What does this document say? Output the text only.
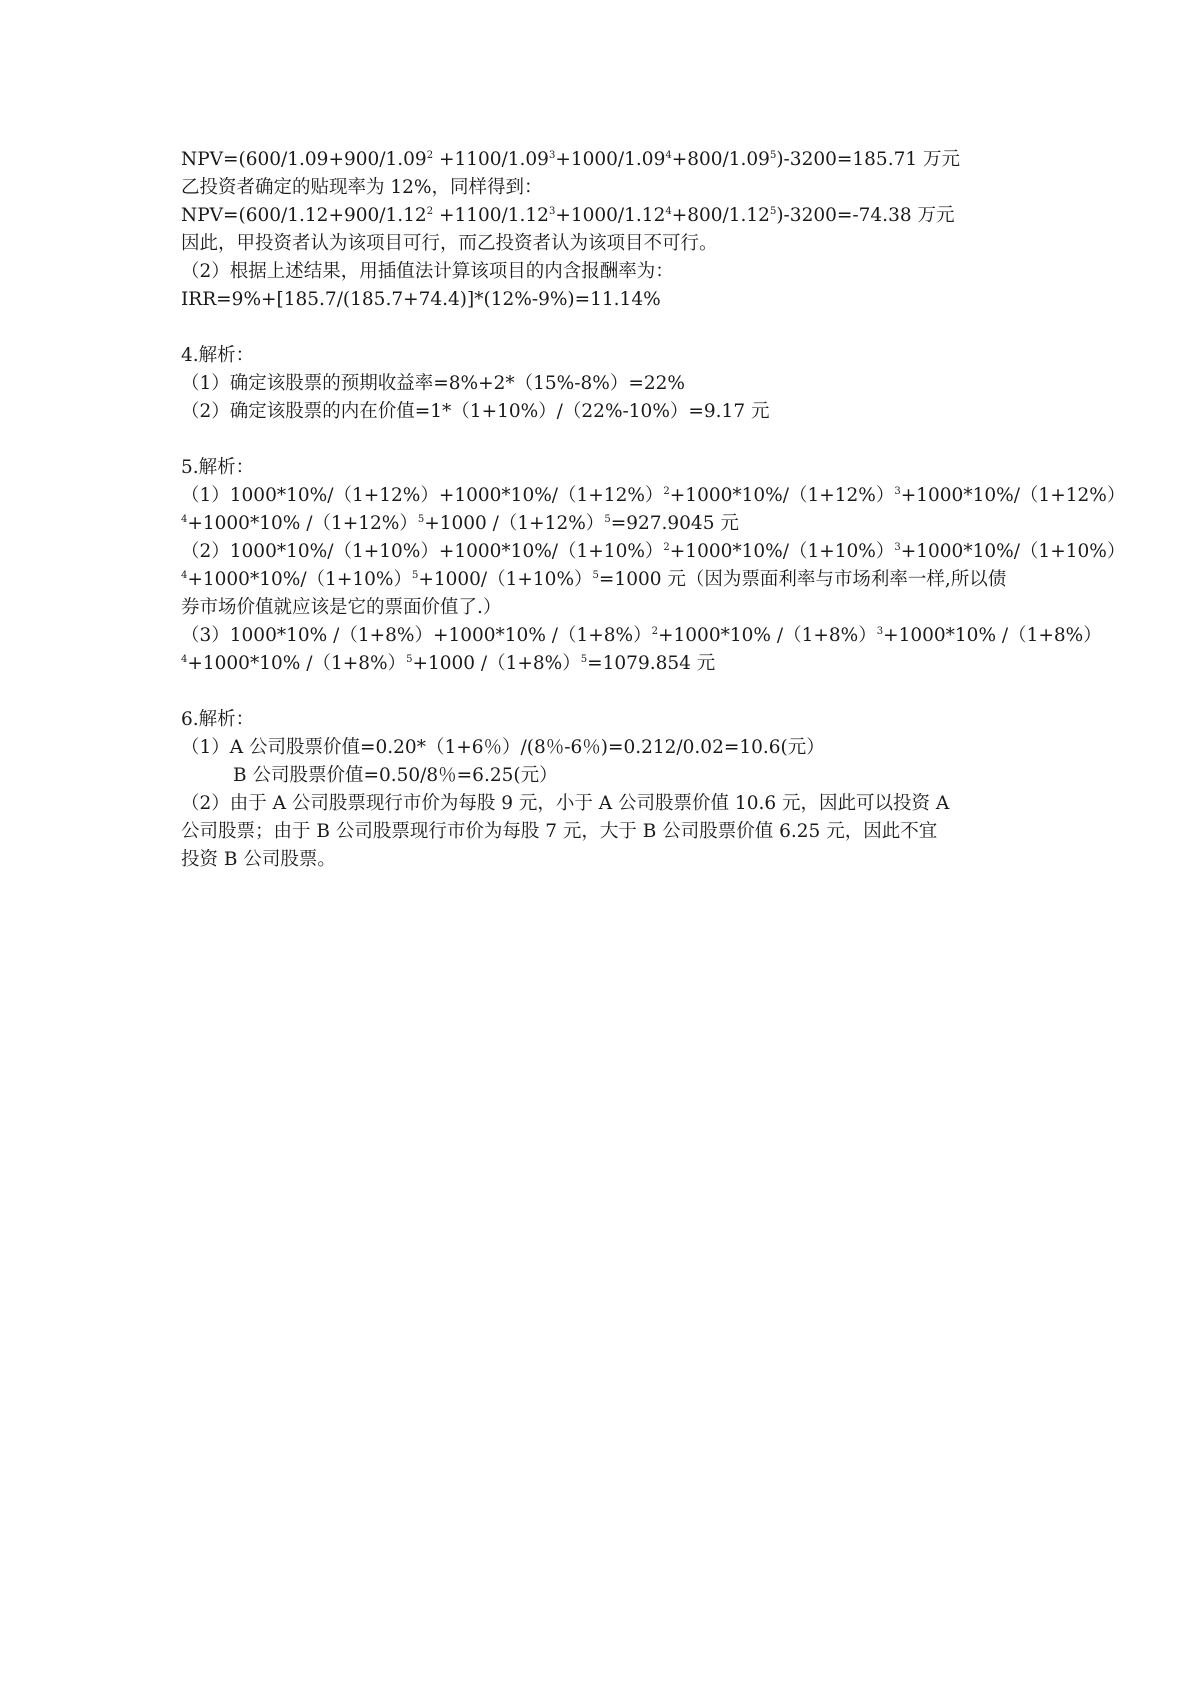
$NPV=(600/1.09+900/1.09^2 +1100/1.09^3+1000/1.09^4+800/1.09^5)-3200=185.71$ 万元
乙投资者确定的贴现率为 12%，同样得到：
$NPV=(600/1.12+900/1.12^2 +1100/1.12^3+1000/1.12^4+800/1.12^5)-3200=-74.38$ 万元
因此，甲投资者认为该项目可行，而乙投资者认为该项目不可行。
（2）根据上述结果，用插值法计算该项目的内含报酬率为：
IRR=9%+[185.7/(185.7+74.4)]*(12%-9%)=11.14%
4.解析：
（1）确定该股票的预期收益率=8%+2*（15%-8%）=22%
（2）确定该股票的内在价值=1*（1+10%）/（22%-10%）=9.17 元
5.解析：
$(1)1000*10\%/(1+12\%)+1000*10\%/(1+12\%)^2+1000*10\%/(1+12\%)^3+1000*10\%/(1+12\%)$
$^4$+1000*10% $/(1+12\%)^5+1000$ $/(1+12\%)^5=927.9045$ 元
$(2)1000*10\%/(1+10\%)+1000*10\%/(1+10\%)^2+1000*10\%/(1+10\%)^3+1000*10\%/(1+10\%)$
$^4+1000*10\%/(1+10\%)^5+1000/(1+10\%)^5=1000$ 元（因为票面利率与市场利率一样,所以债
券市场价值就应该是它的票面价值了.）
（3）1000*10% /（1+8%）+1000*10% $/(1+8\%)^2+1000*10\%$ $/(1+8\%)^3+1000*10\%$ /（1+8%）
$^4$+1000*10% $/(1+8\%)^5+1000$ $/(1+8\%)^5=1079.854$ 元
6.解析：
（1）A 公司股票价值=0.20*（1+6％）/(8％-6％)=0.212/0.02=10.6(元）
B 公司股票价值=0.50/8％=6.25(元）
（2）由于 A 公司股票现行市价为每股 9 元，小于 A 公司股票价值 10.6 元，因此可以投资 A
公司股票；由于 B 公司股票现行市价为每股 7 元，大于 B 公司股票价值 6.25 元，因此不宜
投资 B 公司股票。
